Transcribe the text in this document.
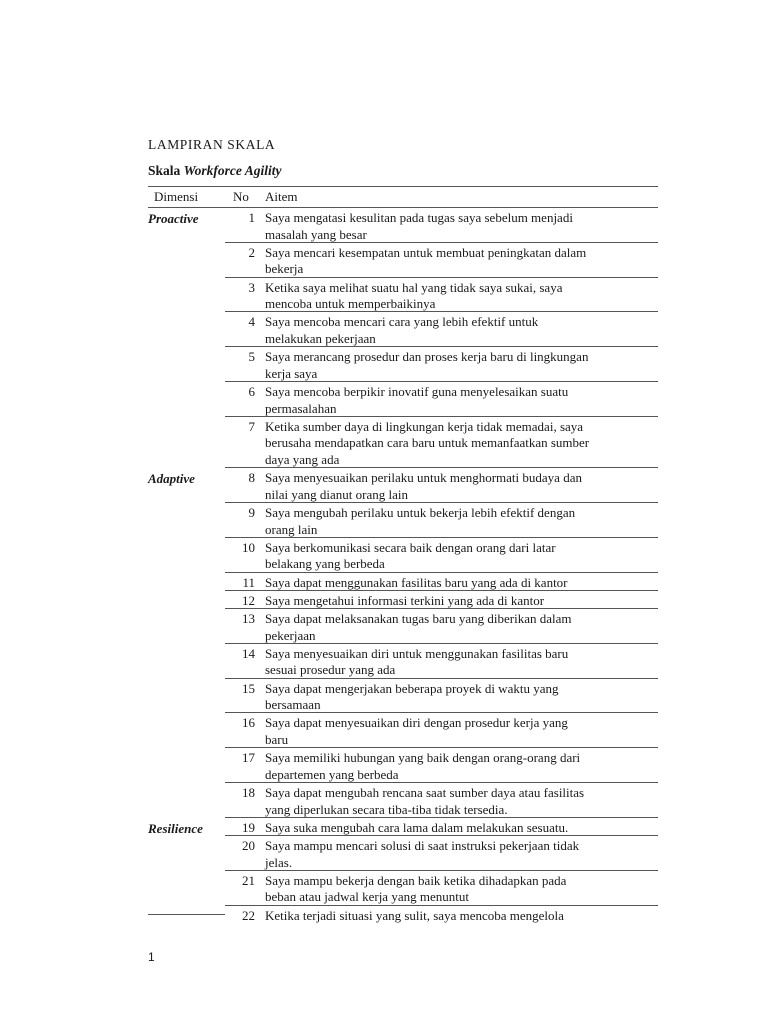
LAMPIRAN SKALA
Skala Workforce Agility
Dimensi	No	Aitem
Proactive	1 Saya mengatasi kesulitan pada tugas saya sebelum menjadi
masalah yang besar
2 Saya mencari kesempatan untuk membuat peningkatan dalam
bekerja
3 Ketika saya melihat suatu hal yang tidak saya sukai, saya
mencoba untuk memperbaikinya
4 Saya mencoba mencari cara yang lebih efektif untuk
melakukan pekerjaan
5 Saya merancang prosedur dan proses kerja baru di lingkungan
kerja saya
6 Saya mencoba berpikir inovatif guna menyelesaikan suatu
permasalahan
7 Ketika sumber daya di lingkungan kerja tidak memadai, saya
berusaha mendapatkan cara baru untuk memanfaatkan sumber
daya yang ada
Adaptive	8 Saya menyesuaikan perilaku untuk menghormati budaya dan
nilai yang dianut orang lain
9 Saya mengubah perilaku untuk bekerja lebih efektif dengan
orang lain
10 Saya berkomunikasi secara baik dengan orang dari latar
belakang yang berbeda
11 Saya dapat menggunakan fasilitas baru yang ada di kantor
12 Saya mengetahui informasi terkini yang ada di kantor
13 Saya dapat melaksanakan tugas baru yang diberikan dalam
pekerjaan
14 Saya menyesuaikan diri untuk menggunakan fasilitas baru
sesuai prosedur yang ada
15 Saya dapat mengerjakan beberapa proyek di waktu yang
bersamaan
16 Saya dapat menyesuaikan diri dengan prosedur kerja yang
baru
17 Saya memiliki hubungan yang baik dengan orang-orang dari
departemen yang berbeda
18 Saya dapat mengubah rencana saat sumber daya atau fasilitas
yang diperlukan secara tiba-tiba tidak tersedia.
Resilience	19 Saya suka mengubah cara lama dalam melakukan sesuatu.
20 Saya mampu mencari solusi di saat instruksi pekerjaan tidak
jelas.
21 Saya mampu bekerja dengan baik ketika dihadapkan pada
beban atau jadwal kerja yang menuntut
22 Ketika terjadi situasi yang sulit, saya mencoba mengelola
1
